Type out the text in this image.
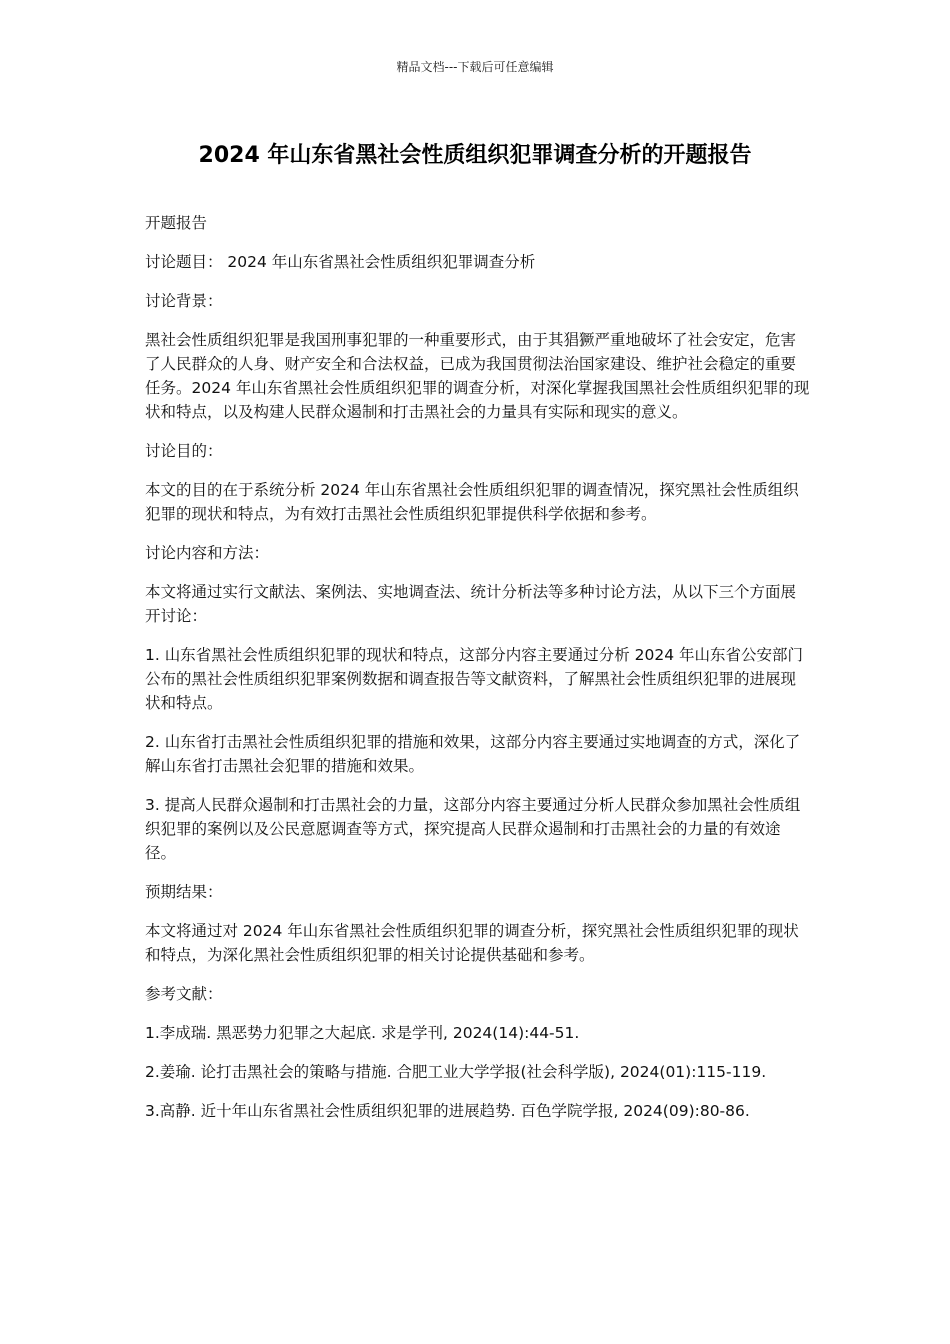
精品文档---下载后可任意编辑
2024 年山东省黑社会性质组织犯罪调查分析的开题报告

开题报告

讨论题目： 2024 年山东省黑社会性质组织犯罪调查分析

讨论背景：

黑社会性质组织犯罪是我国刑事犯罪的一种重要形式，由于其猖獗严重地破坏了社会安定，危害了人民群众的人身、财产安全和合法权益，已成为我国贯彻法治国家建设、维护社会稳定的重要任务。2024 年山东省黑社会性质组织犯罪的调查分析，对深化掌握我国黑社会性质组织犯罪的现状和特点，以及构建人民群众遏制和打击黑社会的力量具有实际和现实的意义。

讨论目的：

本文的目的在于系统分析 2024 年山东省黑社会性质组织犯罪的调查情况，探究黑社会性质组织犯罪的现状和特点，为有效打击黑社会性质组织犯罪提供科学依据和参考。

讨论内容和方法：

本文将通过实行文献法、案例法、实地调查法、统计分析法等多种讨论方法，从以下三个方面展开讨论：

1. 山东省黑社会性质组织犯罪的现状和特点，这部分内容主要通过分析 2024 年山东省公安部门公布的黑社会性质组织犯罪案例数据和调查报告等文献资料，了解黑社会性质组织犯罪的进展现状和特点。

2. 山东省打击黑社会性质组织犯罪的措施和效果，这部分内容主要通过实地调查的方式，深化了解山东省打击黑社会犯罪的措施和效果。

3. 提高人民群众遏制和打击黑社会的力量，这部分内容主要通过分析人民群众参加黑社会性质组织犯罪的案例以及公民意愿调查等方式，探究提高人民群众遏制和打击黑社会的力量的有效途径。

预期结果：

本文将通过对 2024 年山东省黑社会性质组织犯罪的调查分析，探究黑社会性质组织犯罪的现状和特点，为深化黑社会性质组织犯罪的相关讨论提供基础和参考。

参考文献：

1.李成瑞. 黑恶势力犯罪之大起底. 求是学刊, 2024(14):44-51.

2.姜瑜. 论打击黑社会的策略与措施. 合肥工业大学学报(社会科学版), 2024(01):115-119.

3.高静. 近十年山东省黑社会性质组织犯罪的进展趋势. 百色学院学报, 2024(09):80-86.
